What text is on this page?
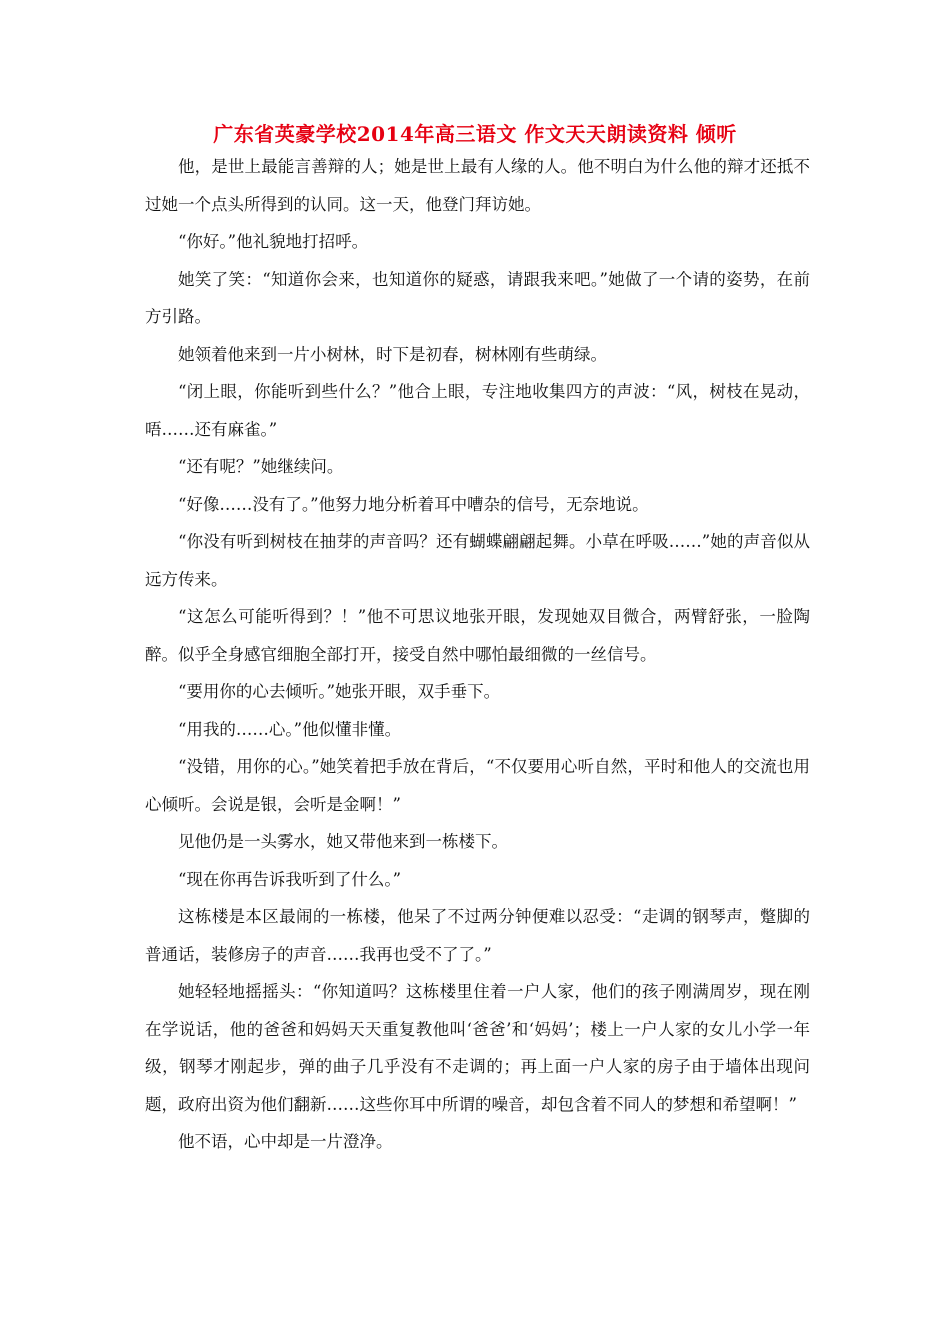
广东省英豪学校2014年高三语文 作文天天朗读资料 倾听

他，是世上最能言善辩的人；她是世上最有人缘的人。他不明白为什么他的辩才还抵不过她一个点头所得到的认同。这一天，他登门拜访她。

“你好。”他礼貌地打招呼。

她笑了笑：“知道你会来，也知道你的疑惑，请跟我来吧。”她做了一个请的姿势，在前方引路。

她领着他来到一片小树林，时下是初春，树林刚有些萌绿。

“闭上眼，你能听到些什么？”他合上眼，专注地收集四方的声波：“风，树枝在晃动，唔……还有麻雀。”

“还有呢？”她继续问。

“好像……没有了。”他努力地分析着耳中嘈杂的信号，无奈地说。

“你没有听到树枝在抽芽的声音吗？还有蝴蝶翩翩起舞。小草在呼吸……”她的声音似从远方传来。

“这怎么可能听得到？！”他不可思议地张开眼，发现她双目微合，两臂舒张，一脸陶醉。似乎全身感官细胞全部打开，接受自然中哪怕最细微的一丝信号。

“要用你的心去倾听。”她张开眼，双手垂下。

“用我的……心。”他似懂非懂。

“没错，用你的心。”她笑着把手放在背后，“不仅要用心听自然，平时和他人的交流也用心倾听。会说是银，会听是金啊！”

见他仍是一头雾水，她又带他来到一栋楼下。

“现在你再告诉我听到了什么。”

这栋楼是本区最闹的一栋楼，他呆了不过两分钟便难以忍受：“走调的钢琴声，蹩脚的普通话，装修房子的声音……我再也受不了了。”

她轻轻地摇摇头：“你知道吗？这栋楼里住着一户人家，他们的孩子刚满周岁，现在刚在学说话，他的爸爸和妈妈天天重复教他叫‘爸爸’和‘妈妈’；楼上一户人家的女儿小学一年级，钢琴才刚起步，弹的曲子几乎没有不走调的；再上面一户人家的房子由于墙体出现问题，政府出资为他们翻新……这些你耳中所谓的噪音，却包含着不同人的梦想和希望啊！”

他不语，心中却是一片澄净。
